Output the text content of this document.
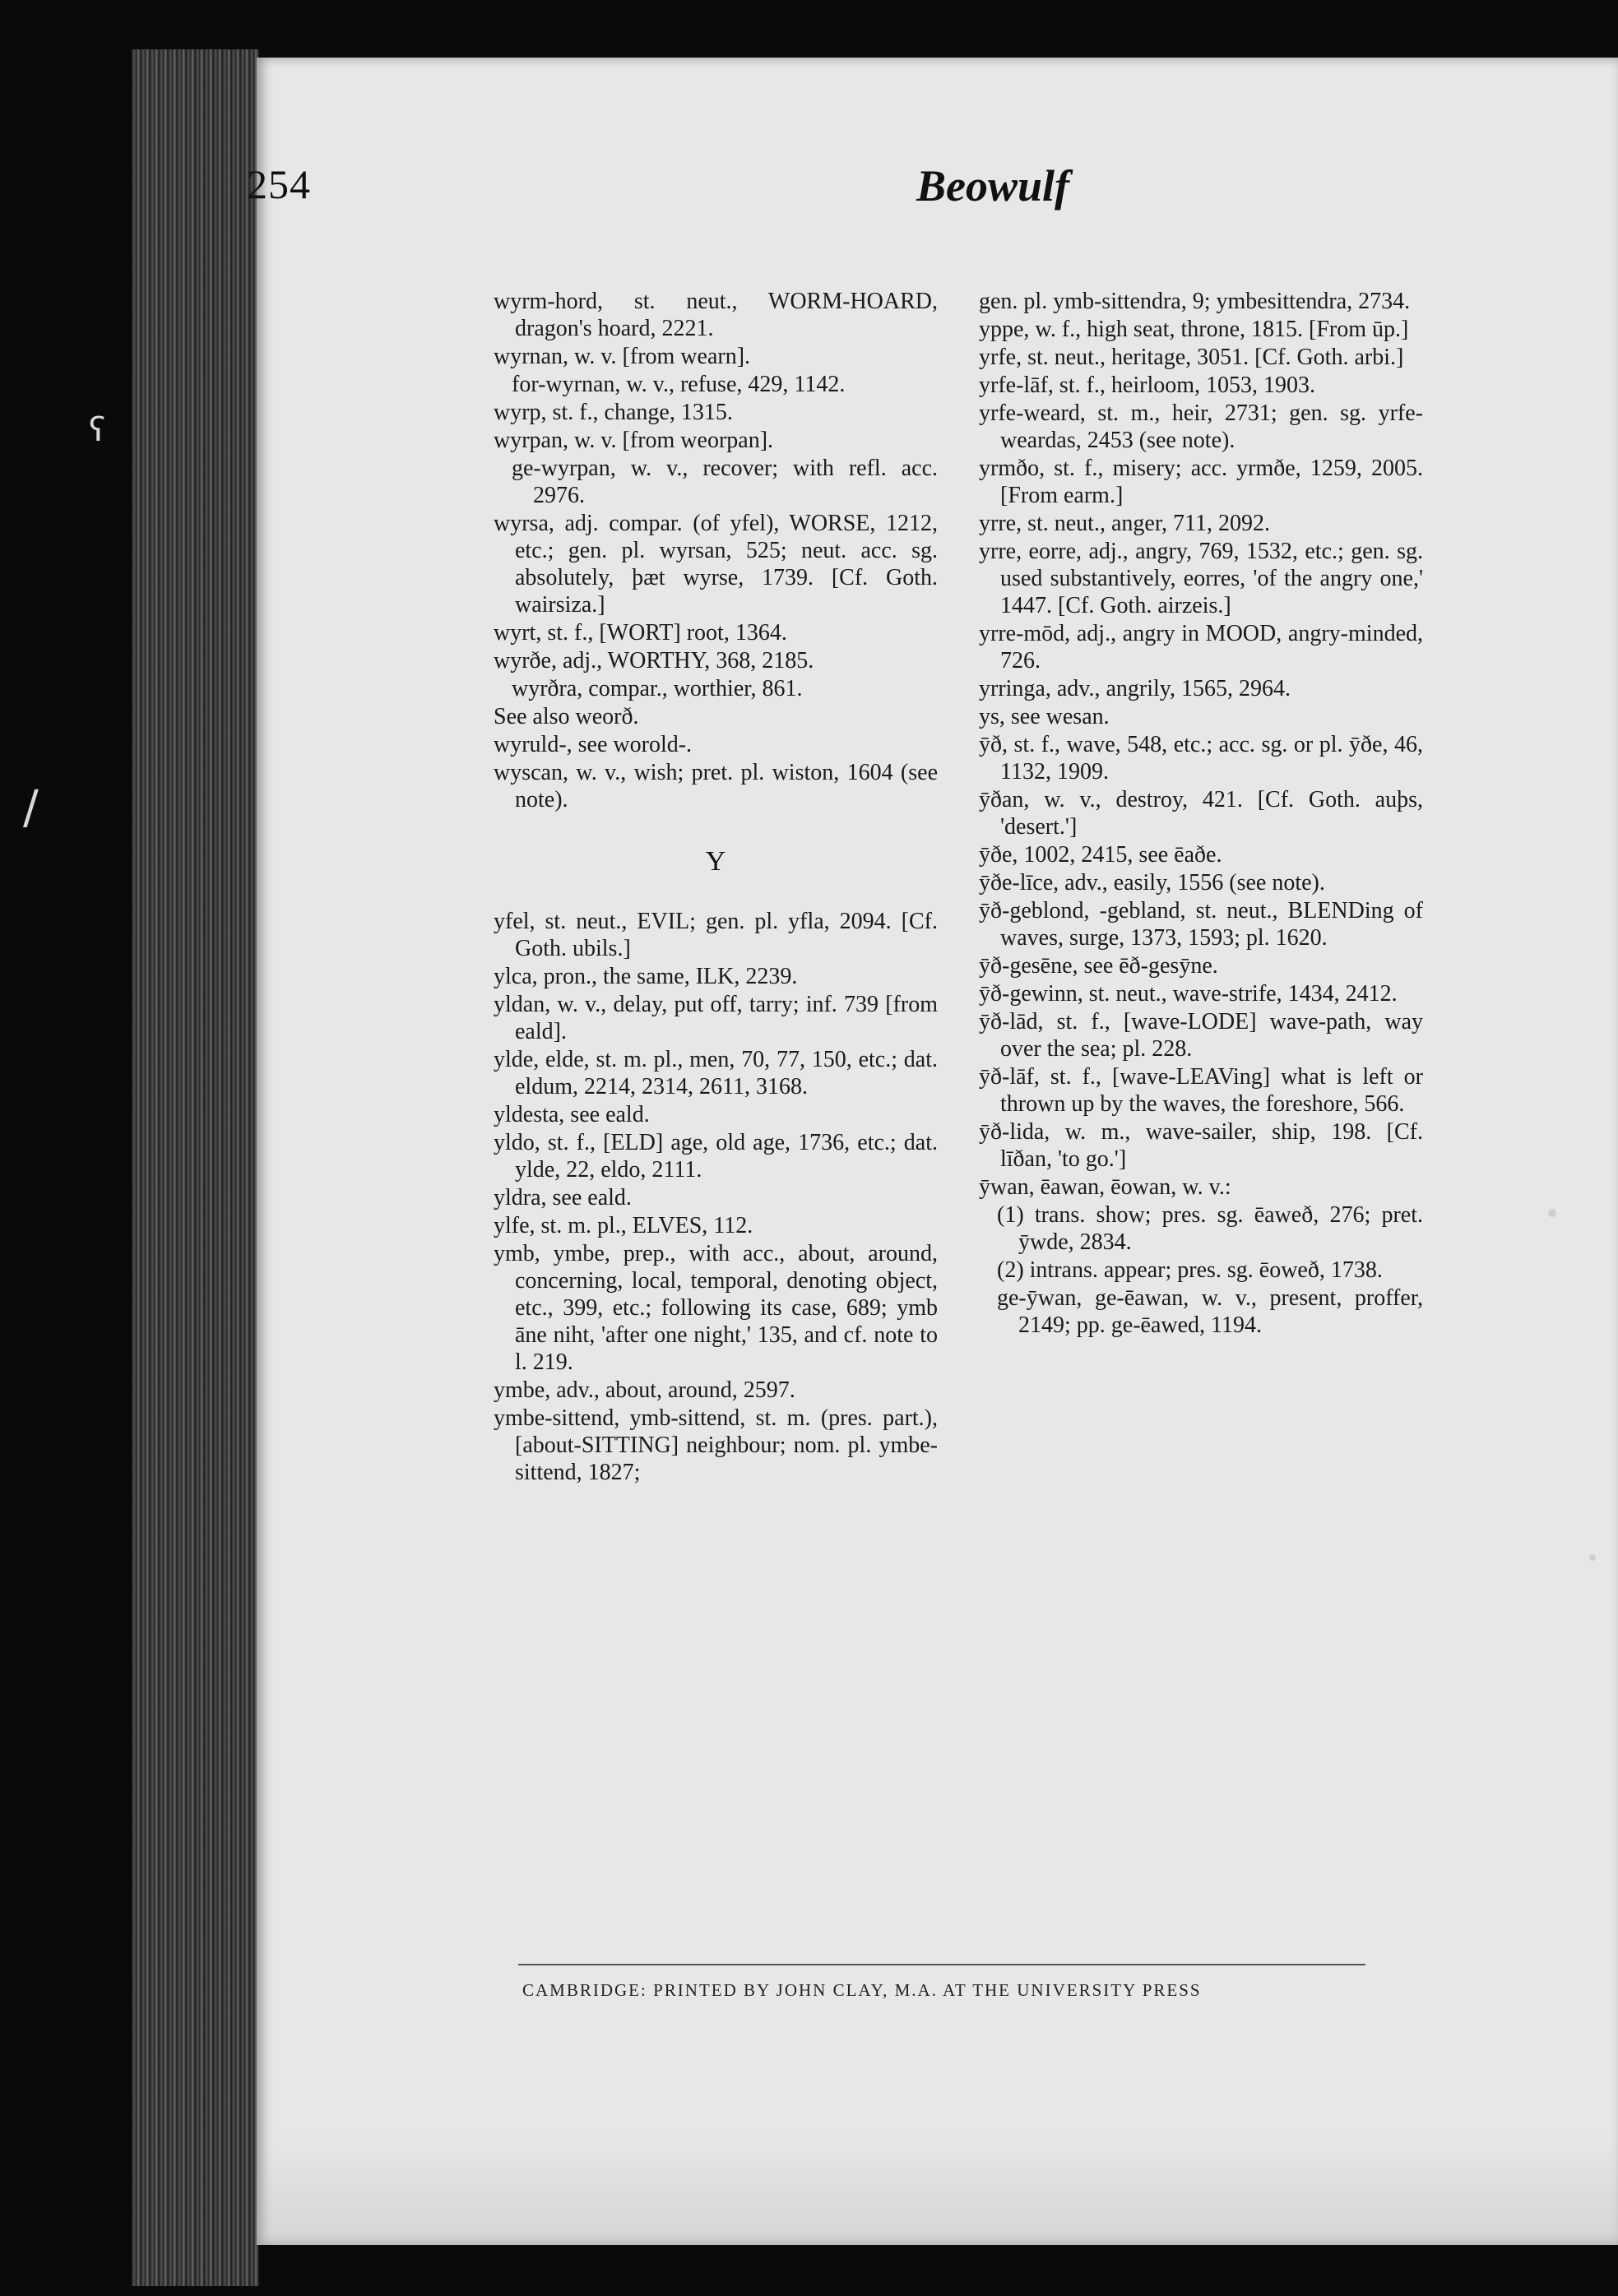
ʕ
/
254	Beowulf
wyrm-hord, st. neut., WORM-HOARD, dragon's hoard, 2221.
wyrnan, w. v. [from wearn].
for-wyrnan, w. v., refuse, 429, 1142.
wyrp, st. f., change, 1315.
wyrpan, w. v. [from weorpan].
ge-wyrpan, w. v., recover; with refl. acc. 2976.
wyrsa, adj. compar. (of yfel), WORSE, 1212, etc.; gen. pl. wyrsan, 525; neut. acc. sg. absolutely, þæt wyrse, 1739. [Cf. Goth. wairsiza.]
wyrt, st. f., [WORT] root, 1364.
wyrðe, adj., WORTHY, 368, 2185.
wyrðra, compar., worthier, 861.
See also weorð.
wyruld-, see worold-.
wyscan, w. v., wish; pret. pl. wiston, 1604 (see note).
Y
yfel, st. neut., EVIL; gen. pl. yfla, 2094. [Cf. Goth. ubils.]
ylca, pron., the same, ILK, 2239.
yldan, w. v., delay, put off, tarry; inf. 739 [from eald].
ylde, elde, st. m. pl., men, 70, 77, 150, etc.; dat. eldum, 2214, 2314, 2611, 3168.
yldesta, see eald.
yldo, st. f., [ELD] age, old age, 1736, etc.; dat. ylde, 22, eldo, 2111.
yldra, see eald.
ylfe, st. m. pl., ELVES, 112.
ymb, ymbe, prep., with acc., about, around, concerning, local, temporal, denoting object, etc., 399, etc.; following its case, 689; ymb āne niht, 'after one night,' 135, and cf. note to l. 219.
ymbe, adv., about, around, 2597.
ymbe-sittend, ymb-sittend, st. m. (pres. part.), [about-SITTING] neighbour; nom. pl. ymbe-sittend, 1827;
gen. pl. ymb-sittendra, 9; ymbesittendra, 2734.
yppe, w. f., high seat, throne, 1815. [From ūp.]
yrfe, st. neut., heritage, 3051. [Cf. Goth. arbi.]
yrfe-lāf, st. f., heirloom, 1053, 1903.
yrfe-weard, st. m., heir, 2731; gen. sg. yrfe-weardas, 2453 (see note).
yrmðo, st. f., misery; acc. yrmðe, 1259, 2005. [From earm.]
yrre, st. neut., anger, 711, 2092.
yrre, eorre, adj., angry, 769, 1532, etc.; gen. sg. used substantively, eorres, 'of the angry one,' 1447. [Cf. Goth. airzeis.]
yrre-mōd, adj., angry in MOOD, angry-minded, 726.
yrringa, adv., angrily, 1565, 2964.
ys, see wesan.
ȳð, st. f., wave, 548, etc.; acc. sg. or pl. ȳðe, 46, 1132, 1909.
ȳðan, w. v., destroy, 421. [Cf. Goth. auþs, 'desert.']
ȳðe, 1002, 2415, see ēaðe.
ȳðe-līce, adv., easily, 1556 (see note).
ȳð-geblond, -gebland, st. neut., BLENDing of waves, surge, 1373, 1593; pl. 1620.
ȳð-gesēne, see ēð-gesȳne.
ȳð-gewinn, st. neut., wave-strife, 1434, 2412.
ȳð-lād, st. f., [wave-LODE] wave-path, way over the sea; pl. 228.
ȳð-lāf, st. f., [wave-LEAVing] what is left or thrown up by the waves, the foreshore, 566.
ȳð-lida, w. m., wave-sailer, ship, 198. [Cf. līðan, 'to go.']
ȳwan, ēawan, ēowan, w. v.:
(1) trans. show; pres. sg. ēaweð, 276; pret. ȳwde, 2834.
(2) intrans. appear; pres. sg. ēoweð, 1738.
ge-ȳwan, ge-ēawan, w. v., present, proffer, 2149; pp. ge-ēawed, 1194.
CAMBRIDGE: PRINTED BY JOHN CLAY, M.A. AT THE UNIVERSITY PRESS
